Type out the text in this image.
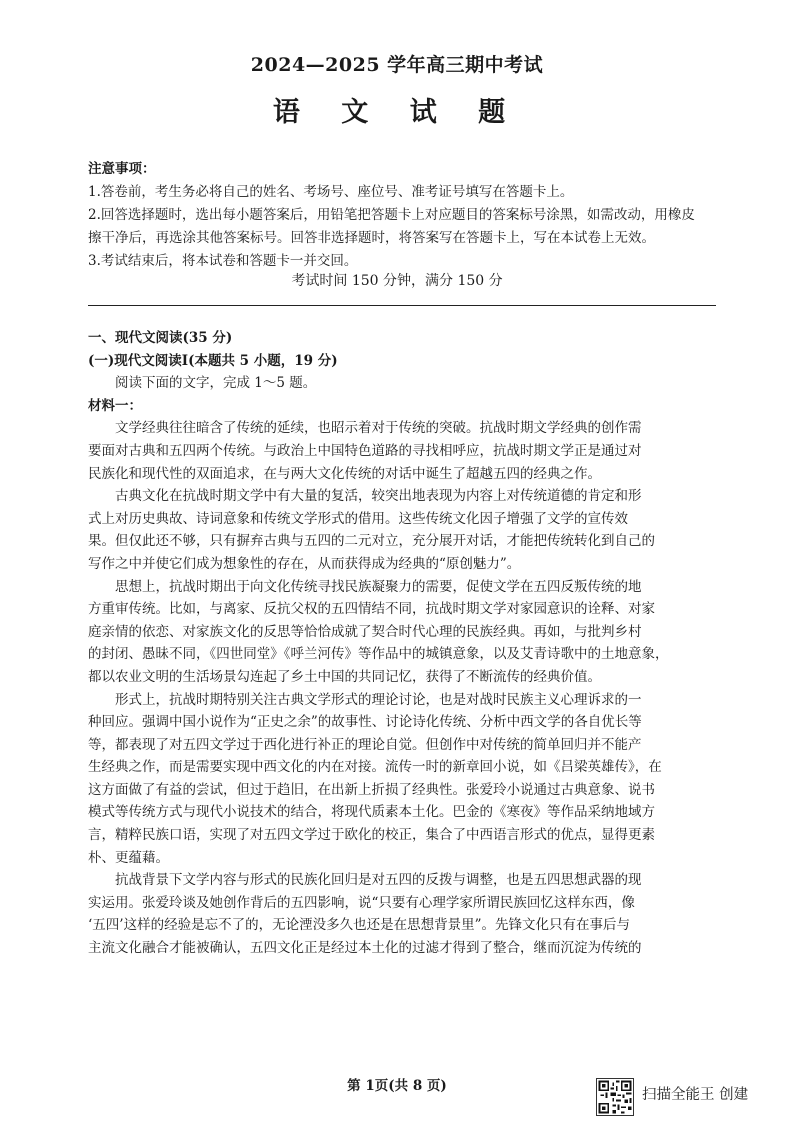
2024—2025 学年高三期中考试
语 文 试 题
注意事项：
1.答卷前，考生务必将自己的姓名、考场号、座位号、准考证号填写在答题卡上。
2.回答选择题时，选出每小题答案后，用铅笔把答题卡上对应题目的答案标号涂黑，如需改动，用橡皮
擦干净后，再选涂其他答案标号。回答非选择题时，将答案写在答题卡上，写在本试卷上无效。
3.考试结束后，将本试卷和答题卡一并交回。
考试时间 150 分钟，满分 150 分
一、现代文阅读(35 分)
(一)现代文阅读Ⅰ(本题共 5 小题，19 分)
阅读下面的文字，完成 1～5 题。
材料一：
文学经典往往暗含了传统的延续，也昭示着对于传统的突破。抗战时期文学经典的创作需
要面对古典和五四两个传统。与政治上中国特色道路的寻找相呼应，抗战时期文学正是通过对
民族化和现代性的双面追求，在与两大文化传统的对话中诞生了超越五四的经典之作。
古典文化在抗战时期文学中有大量的复活，较突出地表现为内容上对传统道德的肯定和形
式上对历史典故、诗词意象和传统文学形式的借用。这些传统文化因子增强了文学的宣传效
果。但仅此还不够，只有摒弃古典与五四的二元对立，充分展开对话，才能把传统转化到自己的
写作之中并使它们成为想象性的存在，从而获得成为经典的“原创魅力”。
思想上，抗战时期出于向文化传统寻找民族凝聚力的需要，促使文学在五四反叛传统的地
方重审传统。比如，与离家、反抗父权的五四情结不同，抗战时期文学对家园意识的诠释、对家
庭亲情的依恋、对家族文化的反思等恰恰成就了契合时代心理的民族经典。再如，与批判乡村
的封闭、愚昧不同，《四世同堂》《呼兰河传》等作品中的城镇意象，以及艾青诗歌中的土地意象，
都以农业文明的生活场景勾连起了乡土中国的共同记忆，获得了不断流传的经典价值。
形式上，抗战时期特别关注古典文学形式的理论讨论，也是对战时民族主义心理诉求的一
种回应。强调中国小说作为“正史之余”的故事性、讨论诗化传统、分析中西文学的各自优长等
等，都表现了对五四文学过于西化进行补正的理论自觉。但创作中对传统的简单回归并不能产
生经典之作，而是需要实现中西文化的内在对接。流传一时的新章回小说，如《吕梁英雄传》，在
这方面做了有益的尝试，但过于趋旧，在出新上折损了经典性。张爱玲小说通过古典意象、说书
模式等传统方式与现代小说技术的结合，将现代质素本土化。巴金的《寒夜》等作品采纳地域方
言，精粹民族口语，实现了对五四文学过于欧化的校正，集合了中西语言形式的优点，显得更素
朴、更蕴藉。
抗战背景下文学内容与形式的民族化回归是对五四的反拨与调整，也是五四思想武器的现
实运用。张爱玲谈及她创作背后的五四影响，说“只要有心理学家所谓民族回忆这样东西，像
‘五四’这样的经验是忘不了的，无论湮没多久也还是在思想背景里”。先锋文化只有在事后与
主流文化融合才能被确认，五四文化正是经过本土化的过滤才得到了整合，继而沉淀为传统的
第 1页(共 8 页)
扫描全能王 创建
